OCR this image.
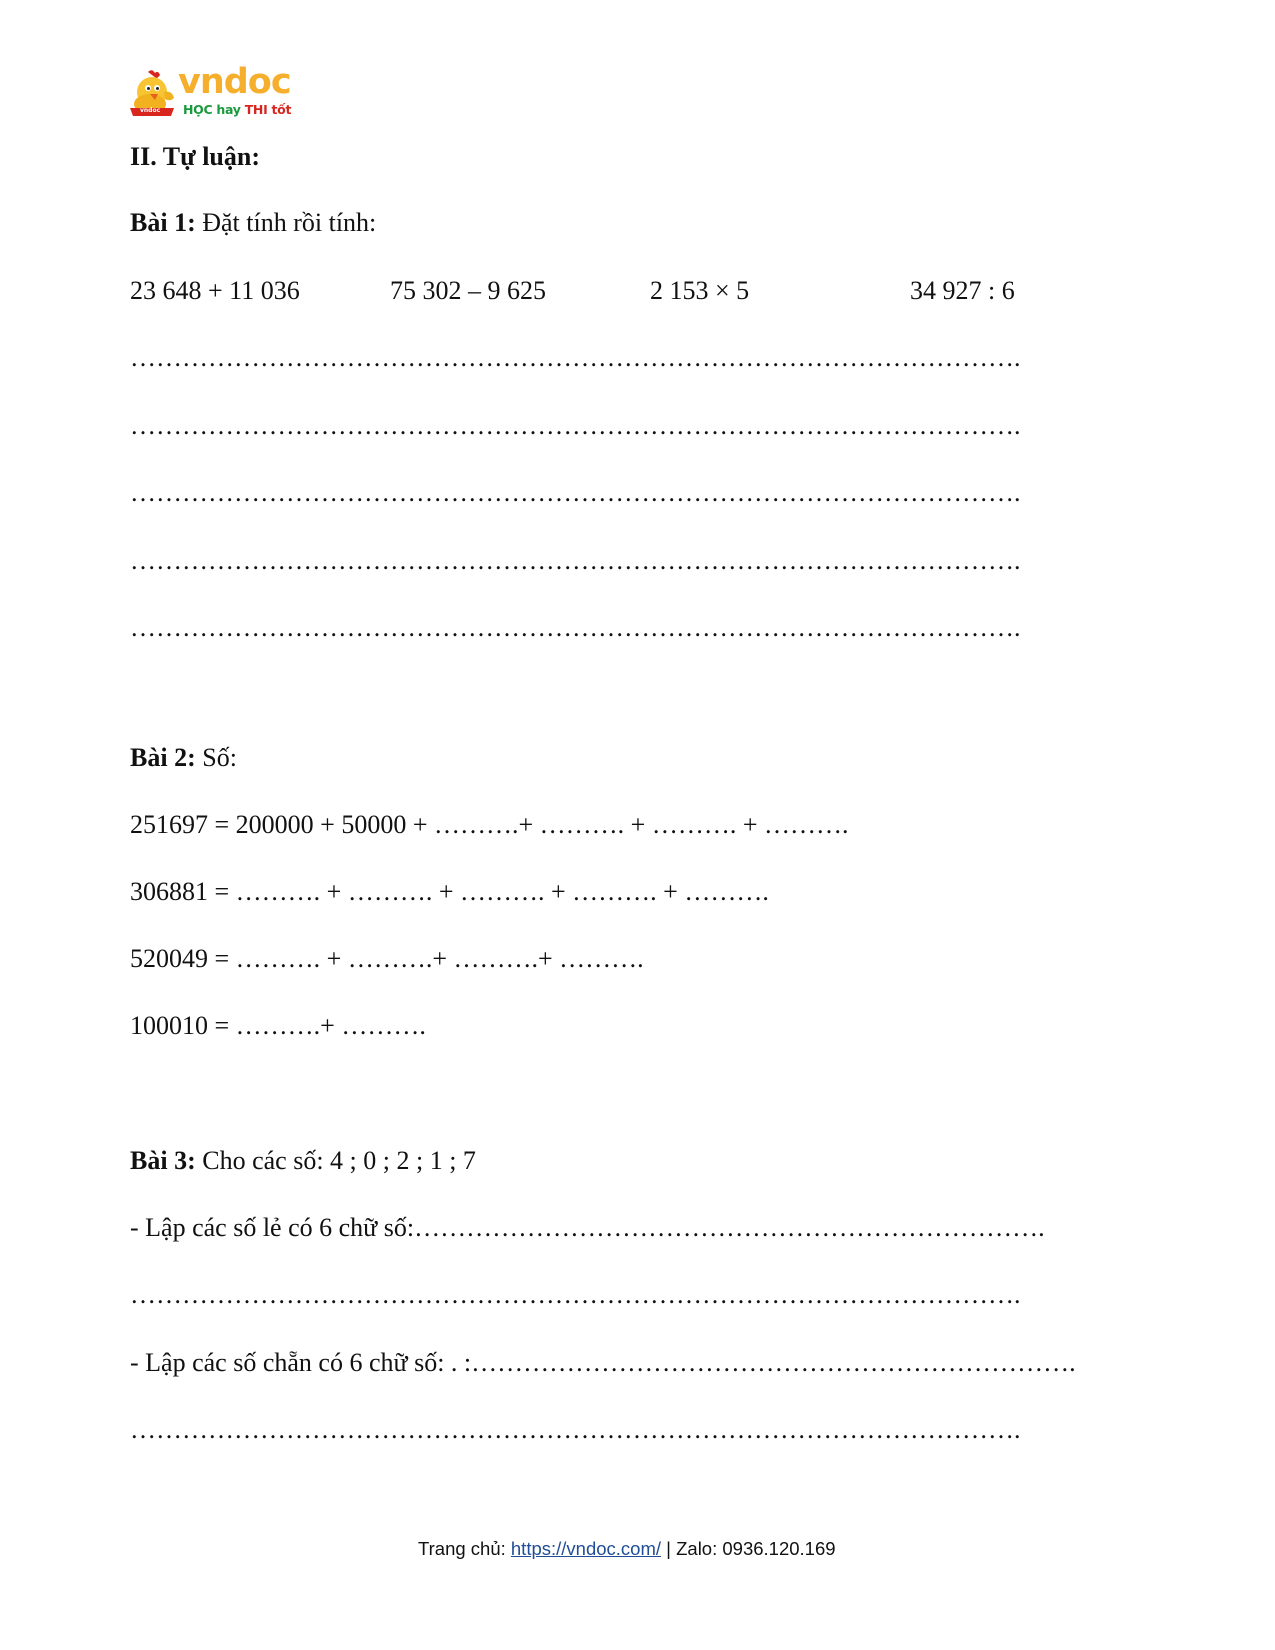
vndoc
vndoc
HỌC hay THI tốt
II. Tự luận:
Bài 1: Đặt tính rồi tính:
23 648 + 11 036	75 302 – 9 625	2 153 × 5	34 927 : 6
………………………………………………………………………………………….
………………………………………………………………………………………….
………………………………………………………………………………………….
………………………………………………………………………………………….
………………………………………………………………………………………….
Bài 2: Số:
251697 = 200000 + 50000 + ……….+ ………. + ………. + ……….
306881 = ………. + ………. + ………. + ………. + ……….
520049 = ………. + ……….+ ……….+ ……….
100010 = ……….+ ……….
Bài 3: Cho các số: 4 ; 0 ; 2 ; 1 ; 7
- Lập các số lẻ có 6 chữ số:……………………………………………………………….
………………………………………………………………………………………….
- Lập các số chẵn có 6 chữ số: . :…………………………………………………………….
………………………………………………………………………………………….
Trang chủ: https://vndoc.com/ | Zalo: 0936.120.169
